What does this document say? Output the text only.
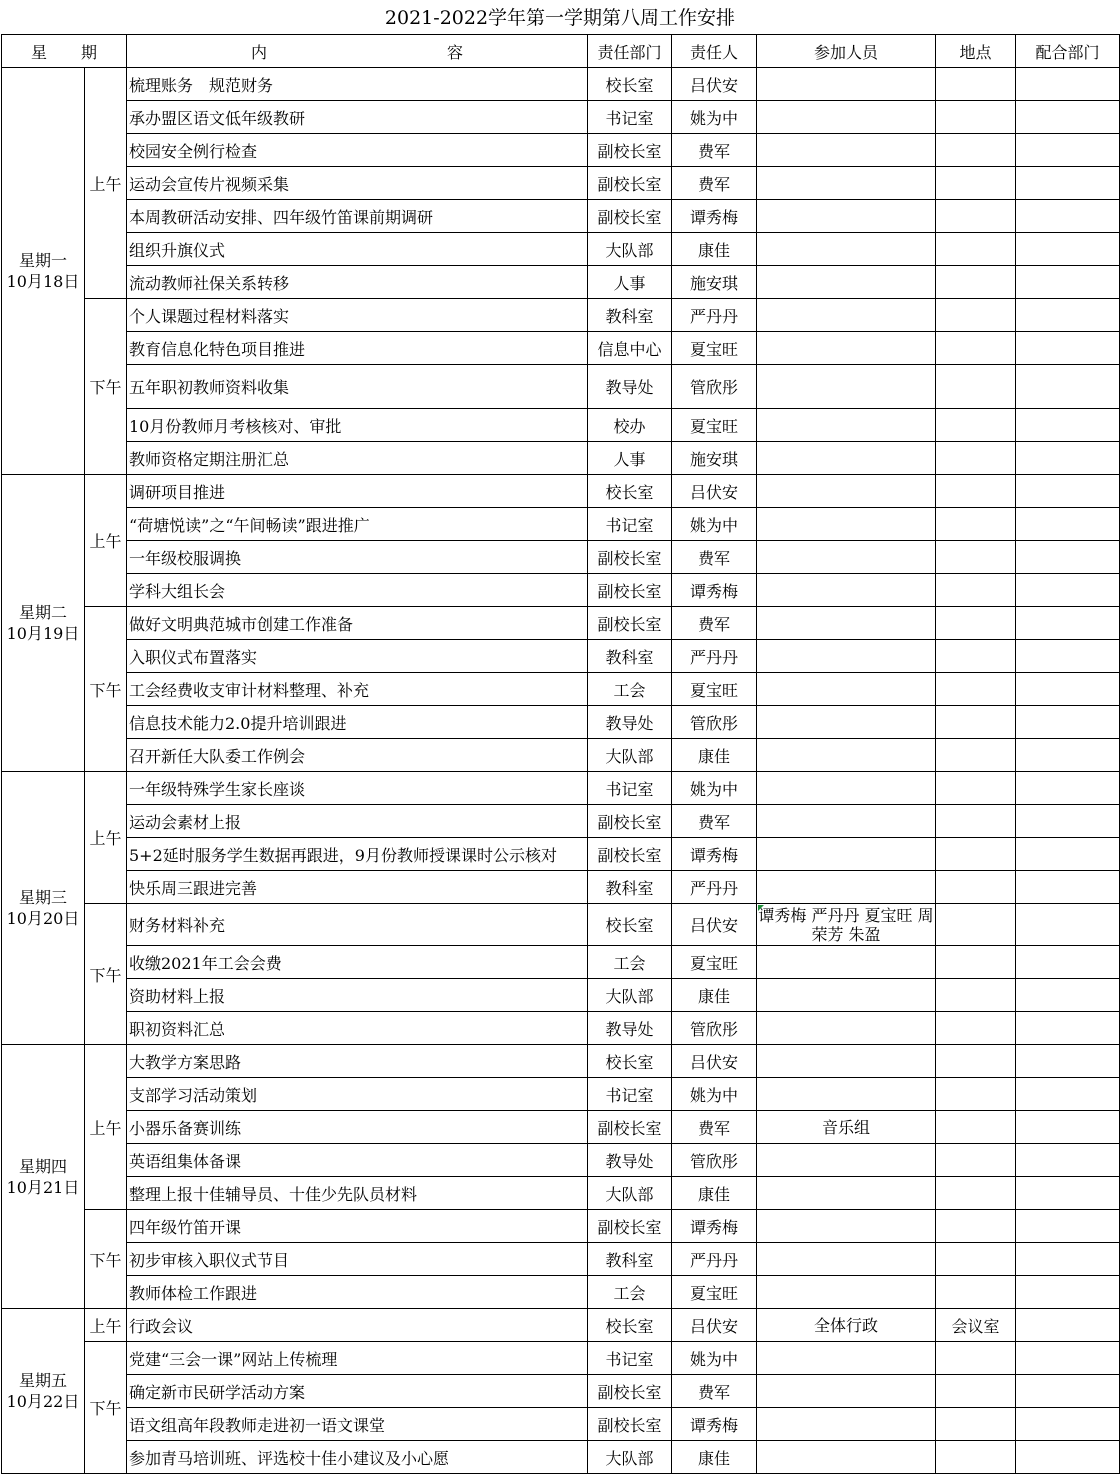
2021-2022学年第一学期第八周工作安排
星 期		内 容	责任部门	责任人	参加人员	地点	配合部门

星期一
10月18日	上午	梳理账务　规范财务	校长室	吕伏安			
		承办盟区语文低年级教研	书记室	姚为中			
		校园安全例行检查	副校长室	费军			
		运动会宣传片视频采集	副校长室	费军			
		本周教研活动安排、四年级竹笛课前期调研	副校长室	谭秀梅			
		组织升旗仪式	大队部	康佳			
		流动教师社保关系转移	人事	施安琪			
	下午	个人课题过程材料落实	教科室	严丹丹			
		教育信息化特色项目推进	信息中心	夏宝旺			
		五年职初教师资料收集	教导处	管欣彤			
		10月份教师月考核核对、审批	校办	夏宝旺			
		教师资格定期注册汇总	人事	施安琪			

星期二
10月19日	上午	调研项目推进	校长室	吕伏安			
		“荷塘悦读”之“午间畅读”跟进推广	书记室	姚为中			
		一年级校服调换	副校长室	费军			
		学科大组长会	副校长室	谭秀梅			
	下午	做好文明典范城市创建工作准备	副校长室	费军			
		入职仪式布置落实	教科室	严丹丹			
		工会经费收支审计材料整理、补充	工会	夏宝旺			
		信息技术能力2.0提升培训跟进	教导处	管欣彤			
		召开新任大队委工作例会	大队部	康佳			

星期三
10月20日	上午	一年级特殊学生家长座谈	书记室	姚为中			
		运动会素材上报	副校长室	费军			
		5+2延时服务学生数据再跟进，9月份教师授课课时公示核对	副校长室	谭秀梅			
		快乐周三跟进完善	教科室	严丹丹			
	下午	财务材料补充	校长室	吕伏安	谭秀梅 严丹丹 夏宝旺 周荣芳 朱盈		
		收缴2021年工会会费	工会	夏宝旺			
		资助材料上报	大队部	康佳			
		职初资料汇总	教导处	管欣彤			

星期四
10月21日	上午	大教学方案思路	校长室	吕伏安			
		支部学习活动策划	书记室	姚为中			
		小器乐备赛训练	副校长室	费军	音乐组		
		英语组集体备课	教导处	管欣彤			
		整理上报十佳辅导员、十佳少先队员材料	大队部	康佳			
	下午	四年级竹笛开课	副校长室	谭秀梅			
		初步审核入职仪式节目	教科室	严丹丹			
		教师体检工作跟进	工会	夏宝旺			

星期五
10月22日	上午	行政会议	校长室	吕伏安	全体行政	会议室	
	下午	党建“三会一课”网站上传梳理	书记室	姚为中			
		确定新市民研学活动方案	副校长室	费军			
		语文组高年段教师走进初一语文课堂	副校长室	谭秀梅			
		参加青马培训班、评选校十佳小建议及小心愿	大队部	康佳			
